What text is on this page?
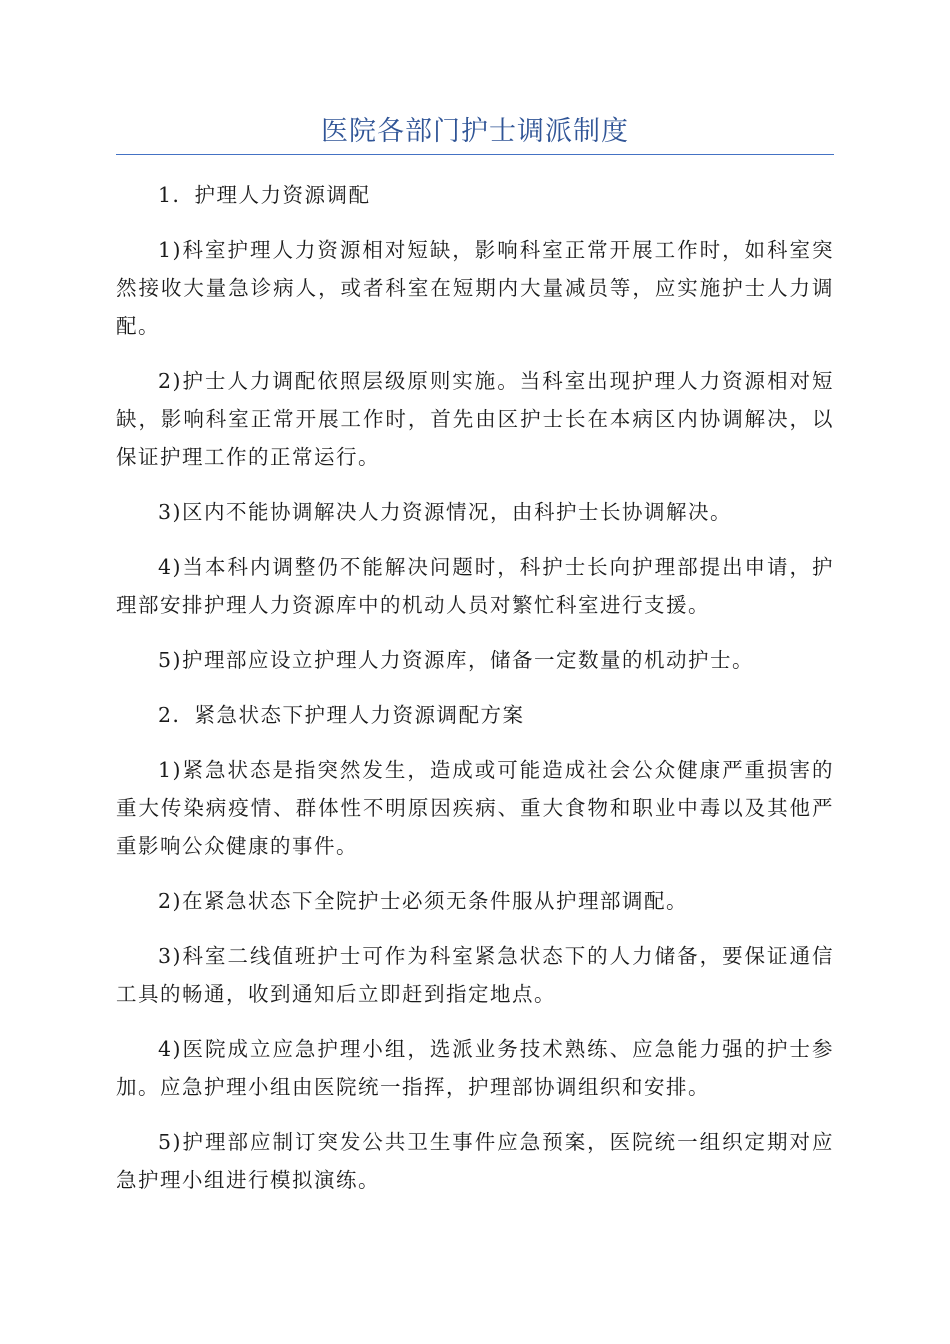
医院各部门护士调派制度

1．护理人力资源调配

1)科室护理人力资源相对短缺，影响科室正常开展工作时，如科室突然接收大量急诊病人，或者科室在短期内大量减员等，应实施护士人力调配。

2)护士人力调配依照层级原则实施。当科室出现护理人力资源相对短缺，影响科室正常开展工作时，首先由区护士长在本病区内协调解决，以保证护理工作的正常运行。

3)区内不能协调解决人力资源情况，由科护士长协调解决。

4)当本科内调整仍不能解决问题时，科护士长向护理部提出申请，护理部安排护理人力资源库中的机动人员对繁忙科室进行支援。

5)护理部应设立护理人力资源库，储备一定数量的机动护士。

2．紧急状态下护理人力资源调配方案

1)紧急状态是指突然发生，造成或可能造成社会公众健康严重损害的重大传染病疫情、群体性不明原因疾病、重大食物和职业中毒以及其他严重影响公众健康的事件。

2)在紧急状态下全院护士必须无条件服从护理部调配。

3)科室二线值班护士可作为科室紧急状态下的人力储备，要保证通信工具的畅通，收到通知后立即赶到指定地点。

4)医院成立应急护理小组，选派业务技术熟练、应急能力强的护士参加。应急护理小组由医院统一指挥，护理部协调组织和安排。

5)护理部应制订突发公共卫生事件应急预案，医院统一组织定期对应急护理小组进行模拟演练。
